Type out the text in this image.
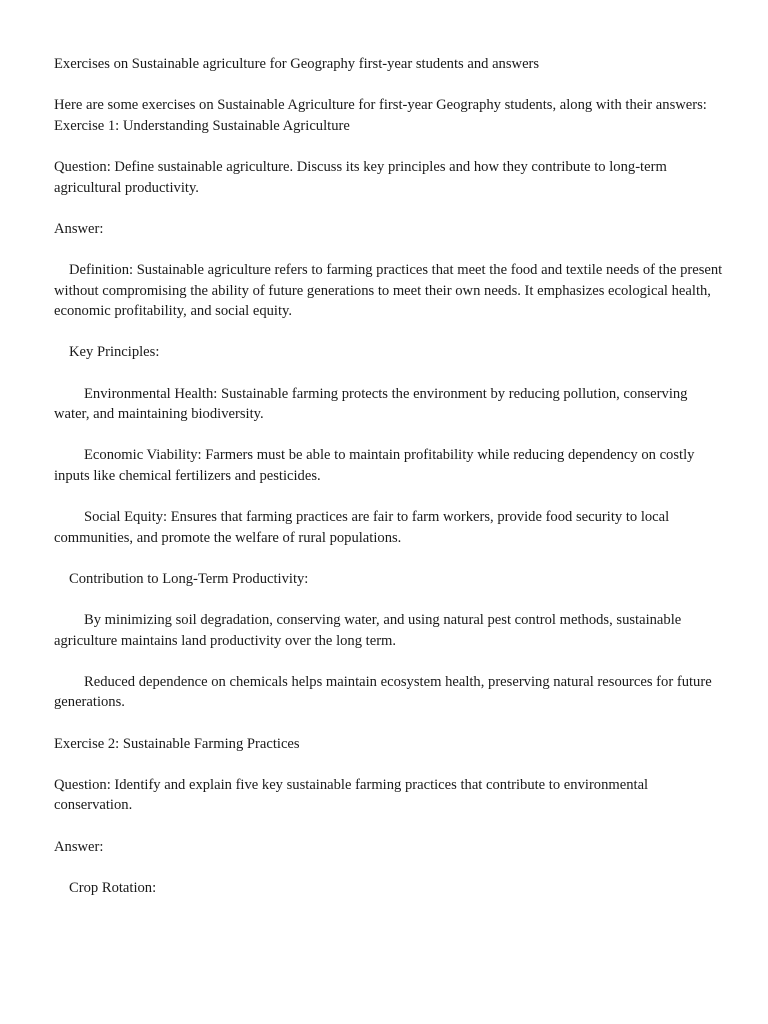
Exercises on Sustainable agriculture for Geography first-year students and answers

Here are some exercises on Sustainable Agriculture for first-year Geography students, along with their answers:

Exercise 1: Understanding Sustainable Agriculture

Question: Define sustainable agriculture. Discuss its key principles and how they contribute to long-term agricultural productivity.

Answer:

Definition: Sustainable agriculture refers to farming practices that meet the food and textile needs of the present without compromising the ability of future generations to meet their own needs. It emphasizes ecological health, economic profitability, and social equity.

Key Principles:

Environmental Health: Sustainable farming protects the environment by reducing pollution, conserving water, and maintaining biodiversity.

Economic Viability: Farmers must be able to maintain profitability while reducing dependency on costly inputs like chemical fertilizers and pesticides.

Social Equity: Ensures that farming practices are fair to farm workers, provide food security to local communities, and promote the welfare of rural populations.

Contribution to Long-Term Productivity:

By minimizing soil degradation, conserving water, and using natural pest control methods, sustainable agriculture maintains land productivity over the long term.

Reduced dependence on chemicals helps maintain ecosystem health, preserving natural resources for future generations.

Exercise 2: Sustainable Farming Practices

Question: Identify and explain five key sustainable farming practices that contribute to environmental conservation.

Answer:

Crop Rotation:
